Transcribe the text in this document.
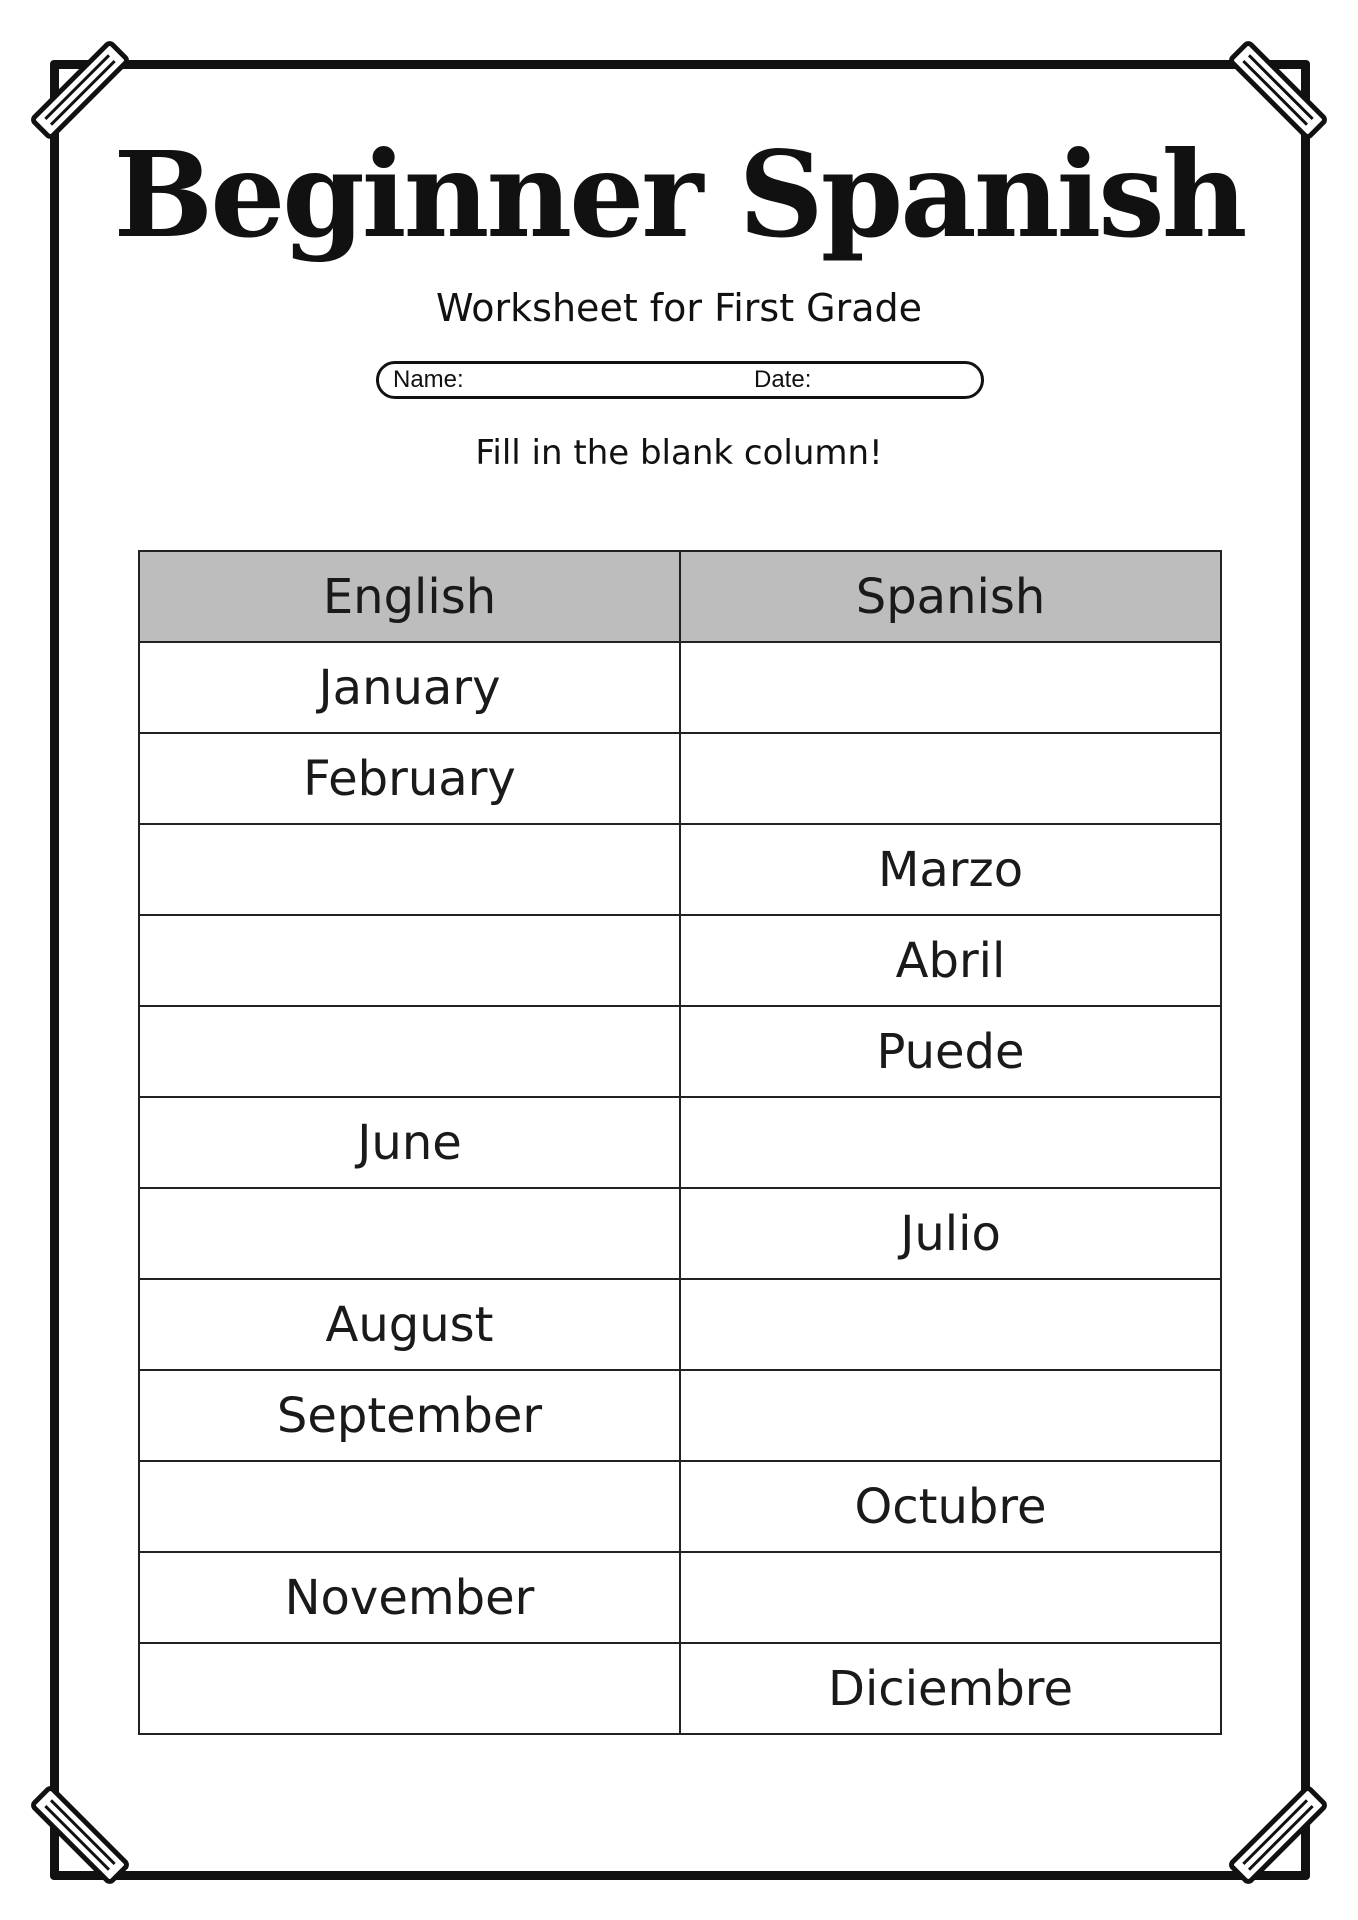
Beginner Spanish
Worksheet for First Grade
Name:	Date:
Fill in the blank column!
English	Spanish
January	
February	
	Marzo
	Abril
	Puede
June	
	Julio
August	
September	
	Octubre
November	
	Diciembre
